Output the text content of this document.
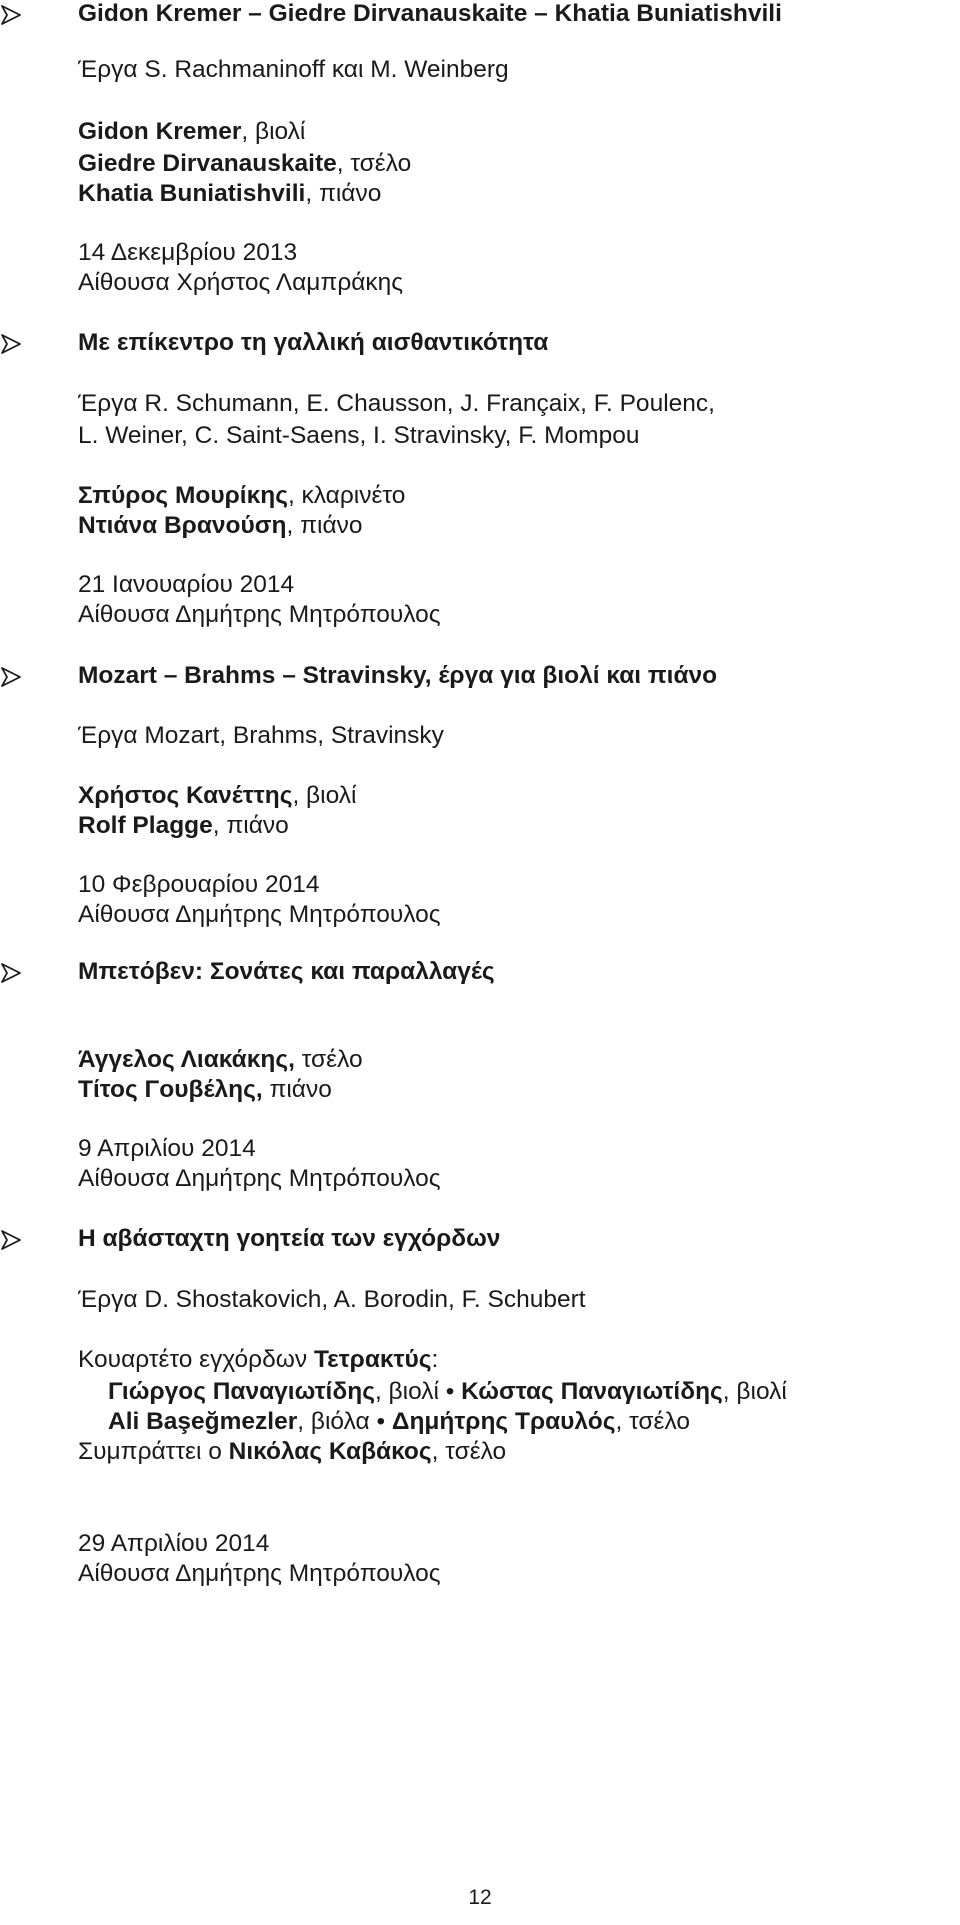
Gidon Kremer – Giedre Dirvanauskaite – Khatia Buniatishvili
Έργα S. Rachmaninoff και M. Weinberg
Gidon Kremer, βιολί
Giedre Dirvanauskaite, τσέλο
Khatia Buniatishvili, πιάνο
14 Δεκεμβρίου 2013
Αίθουσα Χρήστος Λαμπράκης
Με επίκεντρο τη γαλλική αισθαντικότητα
Έργα R. Schumann, E. Chausson, J. Françaix, F. Poulenc,
L. Weiner, C. Saint-Saens, I. Stravinsky, F. Mompou
Σπύρος Μουρίκης, κλαρινέτο
Ντιάνα Βρανούση, πιάνο
21 Ιανουαρίου 2014
Αίθουσα Δημήτρης Μητρόπουλος
Mozart – Brahms – Stravinsky, έργα για βιολί και πιάνο
Έργα Mozart, Brahms, Stravinsky
Χρήστος Κανέττης, βιολί
Rolf Plagge, πιάνο
10 Φεβρουαρίου 2014
Αίθουσα Δημήτρης Μητρόπουλος
Μπετόβεν: Σονάτες και παραλλαγές
Άγγελος Λιακάκης, τσέλο
Τίτος Γουβέλης, πιάνο
9 Απριλίου 2014
Αίθουσα Δημήτρης Μητρόπουλος
Η αβάσταχτη γοητεία των εγχόρδων
Έργα D. Shostakovich, A. Borodin, F. Schubert
Κουαρτέτο εγχόρδων Τετρακτύς:
Γιώργος Παναγιωτίδης, βιολί • Κώστας Παναγιωτίδης, βιολί
Ali Başeğmezler, βιόλα • Δημήτρης Τραυλός, τσέλο
Συμπράττει ο Νικόλας Καβάκος, τσέλο
29 Απριλίου 2014
Αίθουσα Δημήτρης Μητρόπουλος
12
